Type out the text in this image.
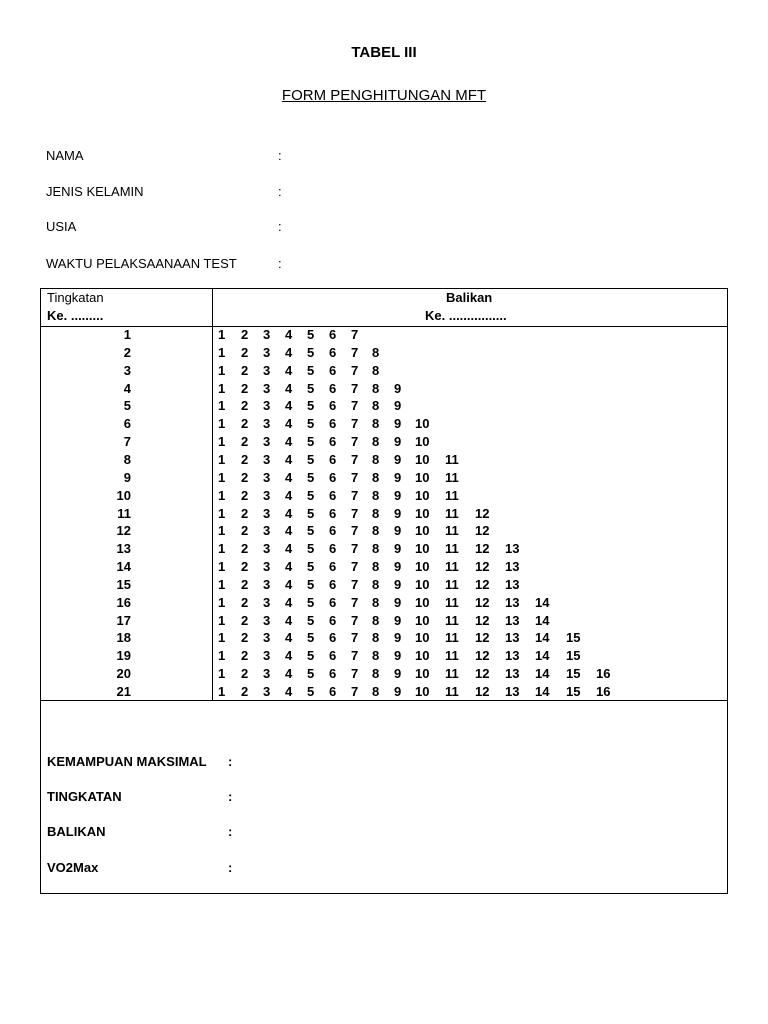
TABEL III
FORM PENGHITUNGAN MFT
NAMA	:
JENIS KELAMIN	:
USIA	:
WAKTU PELAKSAANAAN TEST	:
Tingkatan
Ke. .........
Balikan
Ke. ................
1	1	2	3	4	5	6	7
2	1	2	3	4	5	6	7	8
3	1	2	3	4	5	6	7	8
4	1	2	3	4	5	6	7	8	9
5	1	2	3	4	5	6	7	8	9
6	1	2	3	4	5	6	7	8	9	10
7	1	2	3	4	5	6	7	8	9	10
8	1	2	3	4	5	6	7	8	9	10	11
9	1	2	3	4	5	6	7	8	9	10	11
10	1	2	3	4	5	6	7	8	9	10	11
11	1	2	3	4	5	6	7	8	9	10	11	12
12	1	2	3	4	5	6	7	8	9	10	11	12
13	1	2	3	4	5	6	7	8	9	10	11	12	13
14	1	2	3	4	5	6	7	8	9	10	11	12	13
15	1	2	3	4	5	6	7	8	9	10	11	12	13
16	1	2	3	4	5	6	7	8	9	10	11	12	13	14
17	1	2	3	4	5	6	7	8	9	10	11	12	13	14
18	1	2	3	4	5	6	7	8	9	10	11	12	13	14	15
19	1	2	3	4	5	6	7	8	9	10	11	12	13	14	15
20	1	2	3	4	5	6	7	8	9	10	11	12	13	14	15	16
21	1	2	3	4	5	6	7	8	9	10	11	12	13	14	15	16
KEMAMPUAN MAKSIMAL :
TINGKATAN	:
BALIKAN	:
VO2Max	:
